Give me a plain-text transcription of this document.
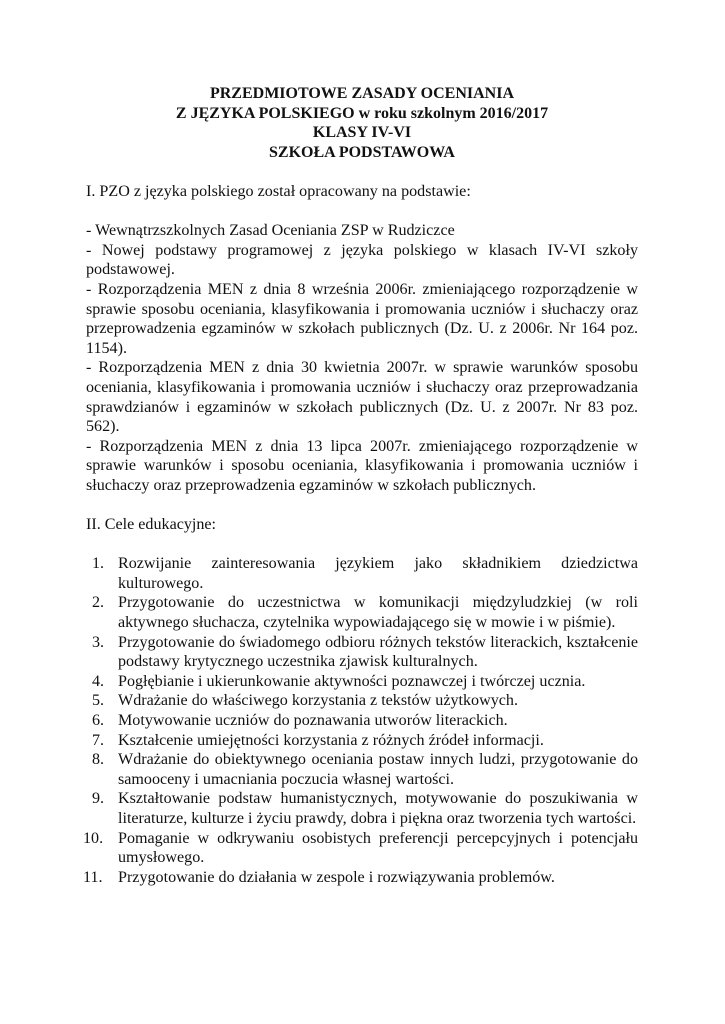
PRZEDMIOTOWE ZASADY OCENIANIA
Z JĘZYKA POLSKIEGO w roku szkolnym 2016/2017
KLASY IV-VI
SZKOŁA PODSTAWOWA
I. PZO z języka polskiego został opracowany na podstawie:
- Wewnątrzszkolnych Zasad Oceniania ZSP w Rudziczce
- Nowej podstawy programowej z języka polskiego w klasach IV-VI szkoły podstawowej.
- Rozporządzenia MEN z dnia 8 września 2006r. zmieniającego rozporządzenie w sprawie sposobu oceniania, klasyfikowania i promowania uczniów i słuchaczy oraz przeprowadzenia egzaminów w szkołach publicznych (Dz. U. z 2006r. Nr 164 poz. 1154).
- Rozporządzenia MEN z dnia 30 kwietnia 2007r. w sprawie warunków sposobu oceniania, klasyfikowania i promowania uczniów i słuchaczy oraz przeprowadzania sprawdzianów i egzaminów w szkołach publicznych (Dz. U. z 2007r. Nr 83 poz. 562).
- Rozporządzenia MEN z dnia 13 lipca 2007r. zmieniającego rozporządzenie w sprawie warunków i sposobu oceniania, klasyfikowania i promowania uczniów i słuchaczy oraz przeprowadzenia egzaminów w szkołach publicznych.
II. Cele edukacyjne:
1. Rozwijanie zainteresowania językiem jako składnikiem dziedzictwa kulturowego.
2. Przygotowanie do uczestnictwa w komunikacji międzyludzkiej (w roli aktywnego słuchacza, czytelnika wypowiadającego się w mowie i w piśmie).
3. Przygotowanie do świadomego odbioru różnych tekstów literackich, kształcenie podstawy krytycznego uczestnika zjawisk kulturalnych.
4. Pogłębianie i ukierunkowanie aktywności poznawczej i twórczej ucznia.
5. Wdrażanie do właściwego korzystania z tekstów użytkowych.
6. Motywowanie uczniów do poznawania utworów literackich.
7. Kształcenie umiejętności korzystania z różnych źródeł informacji.
8. Wdrażanie do obiektywnego oceniania postaw innych ludzi, przygotowanie do samooceny i umacniania poczucia własnej wartości.
9. Kształtowanie podstaw humanistycznych, motywowanie do poszukiwania w literaturze, kulturze i życiu prawdy, dobra i piękna oraz tworzenia tych wartości.
10. Pomaganie w odkrywaniu osobistych preferencji percepcyjnych i potencjału umysłowego.
11. Przygotowanie do działania w zespole i rozwiązywania problemów.
